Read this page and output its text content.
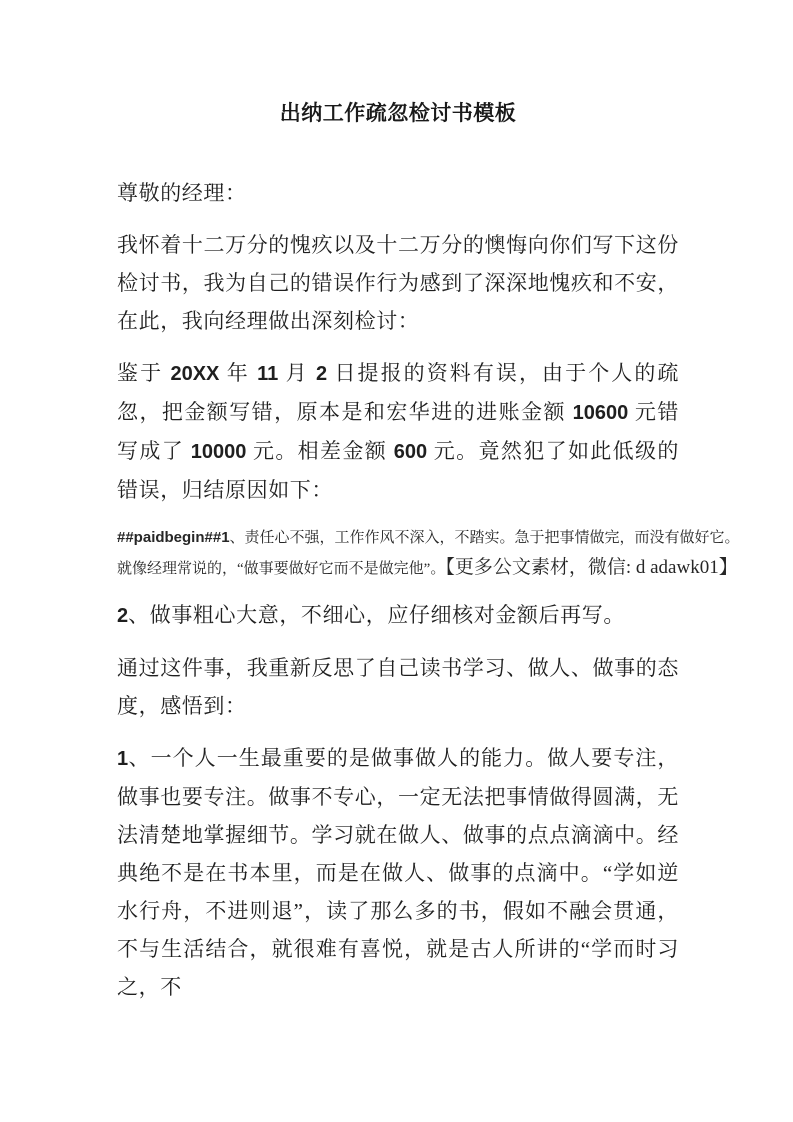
出纳工作疏忽检讨书模板

尊敬的经理：

我怀着十二万分的愧疚以及十二万分的懊悔向你们写下这份检讨书，我为自己的错误作行为感到了深深地愧疚和不安，在此，我向经理做出深刻检讨：

鉴于 20XX 年 11 月 2 日提报的资料有误，由于个人的疏忽，把金额写错，原本是和宏华进的进账金额 10600 元错写成了 10000 元。相差金额 600 元。竟然犯了如此低级的错误，归结原因如下：

##paidbegin##1、责任心不强，工作作风不深入，不踏实。急于把事情做完，而没有做好它。
就像经理常说的，“做事要做好它而不是做完他”。【更多公文素材，微信: d adawk01】

2、做事粗心大意，不细心，应仔细核对金额后再写。

通过这件事，我重新反思了自己读书学习、做人、做事的态度，感悟到：

1、一个人一生最重要的是做事做人的能力。做人要专注，做事也要专注。做事不专心，一定无法把事情做得圆满，无法清楚地掌握细节。学习就在做人、做事的点点滴滴中。经典绝不是在书本里，而是在做人、做事的点滴中。“学如逆水行舟，不进则退”，读了那么多的书，假如不融会贯通，不与生活结合，就很难有喜悦，就是古人所讲的“学而时习之，不
